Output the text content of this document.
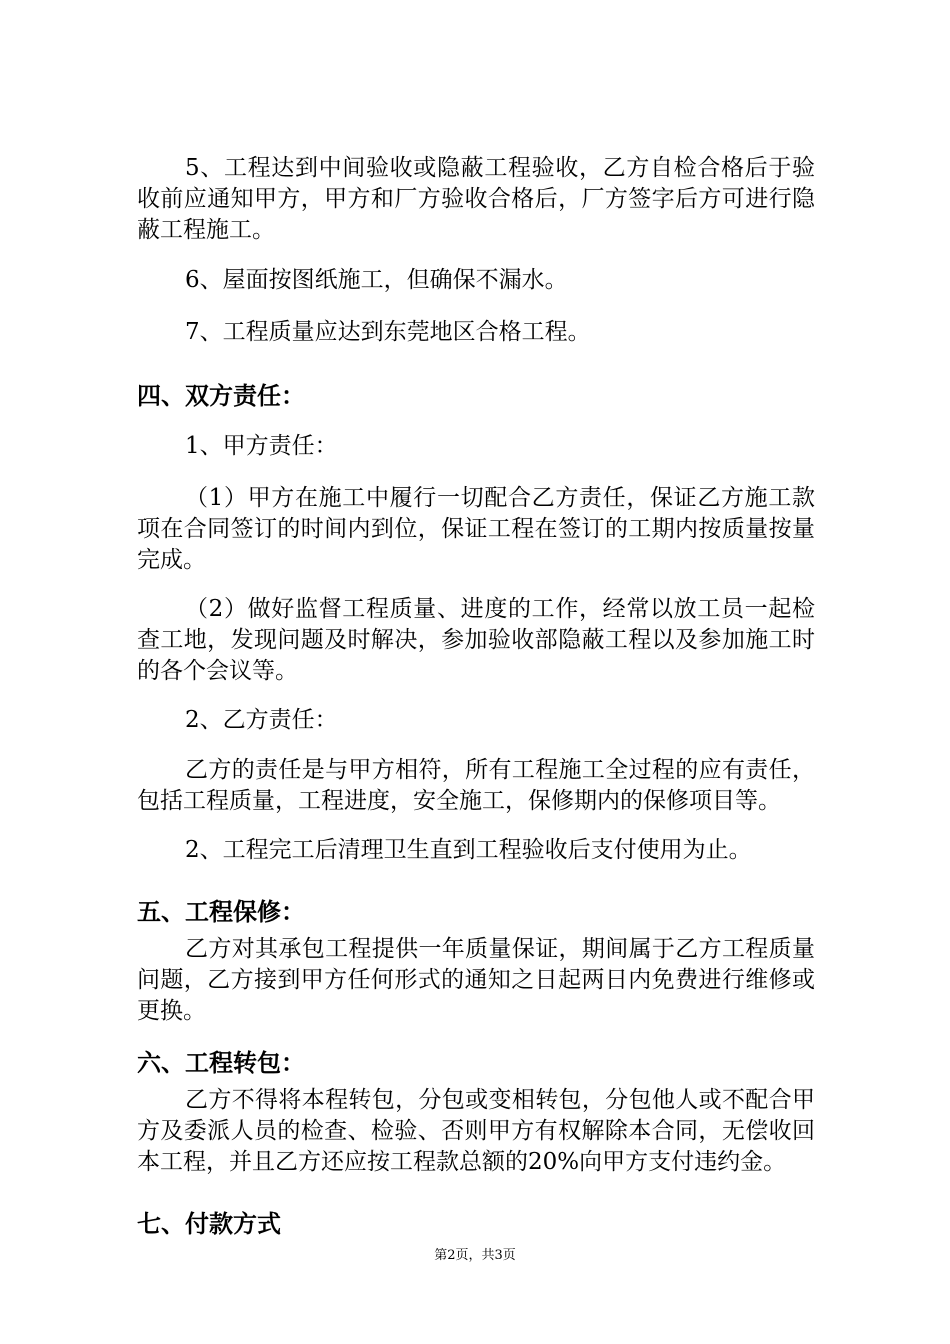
5、工程达到中间验收或隐蔽工程验收，乙方自检合格后于验收前应通知甲方，甲方和厂方验收合格后，厂方签字后方可进行隐蔽工程施工。

6、屋面按图纸施工，但确保不漏水。

7、工程质量应达到东莞地区合格工程。

四、双方责任：

1、甲方责任：

（1）甲方在施工中履行一切配合乙方责任，保证乙方施工款项在合同签订的时间内到位，保证工程在签订的工期内按质量按量完成。

（2）做好监督工程质量、进度的工作，经常以放工员一起检查工地，发现问题及时解决，参加验收部隐蔽工程以及参加施工时的各个会议等。

2、乙方责任：

乙方的责任是与甲方相符，所有工程施工全过程的应有责任，包括工程质量，工程进度，安全施工，保修期内的保修项目等。

2、工程完工后清理卫生直到工程验收后支付使用为止。

五、工程保修：

乙方对其承包工程提供一年质量保证，期间属于乙方工程质量问题，乙方接到甲方任何形式的通知之日起两日内免费进行维修或更换。

六、工程转包：

乙方不得将本程转包，分包或变相转包，分包他人或不配合甲方及委派人员的检查、检验、否则甲方有权解除本合同，无偿收回本工程，并且乙方还应按工程款总额的20%向甲方支付违约金。

七、付款方式
第2页，共3页
